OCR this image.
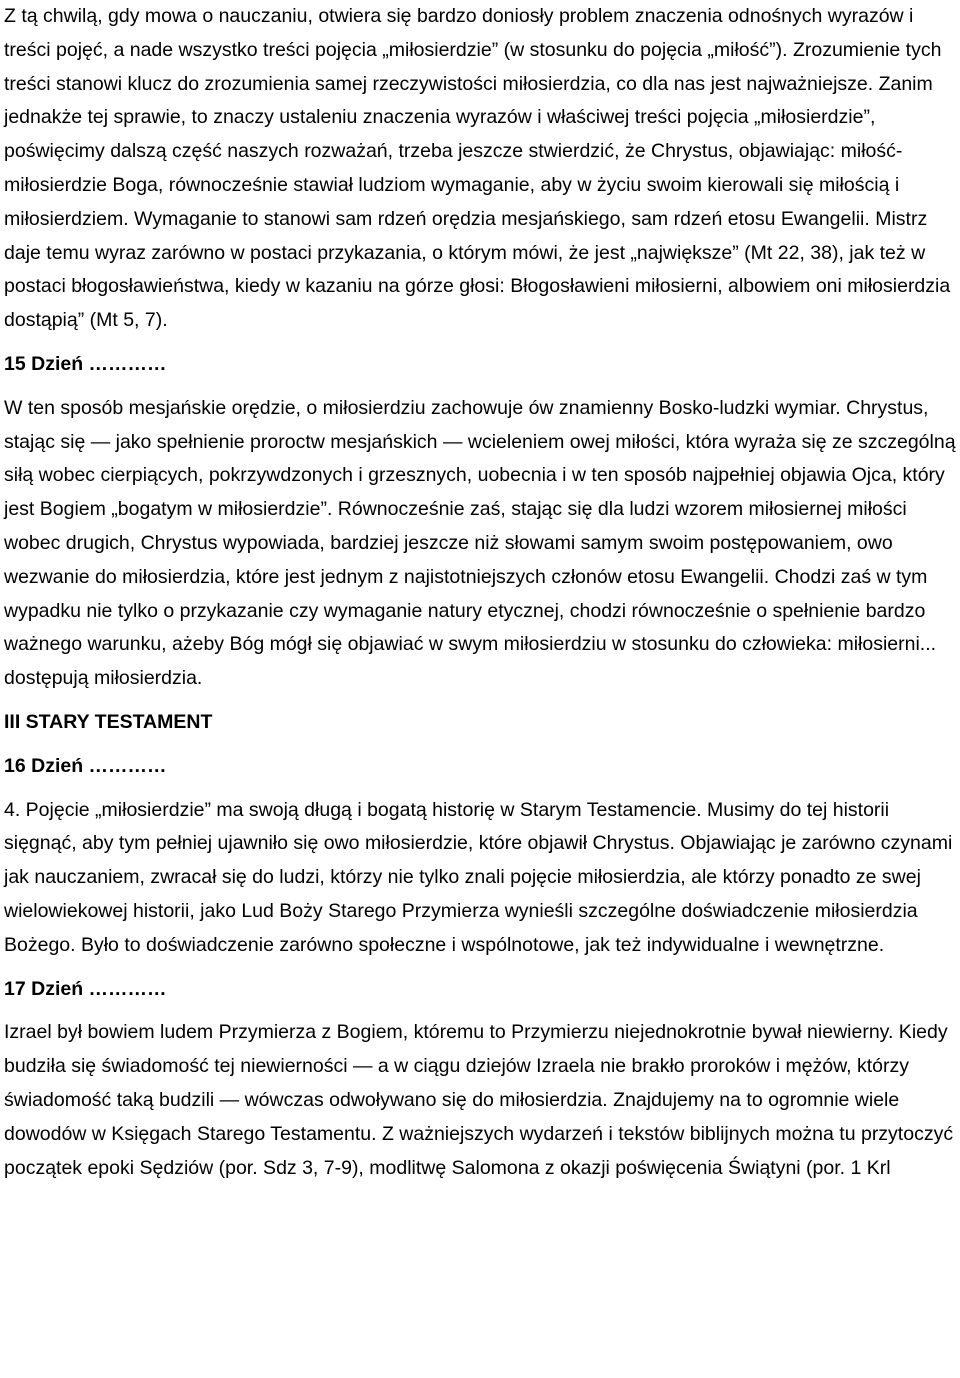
Z tą chwilą, gdy mowa o nauczaniu, otwiera się bardzo doniosły problem znaczenia odnośnych wyrazów i treści pojęć, a nade wszystko treści pojęcia „miłosierdzie” (w stosunku do pojęcia „miłość”). Zrozumienie tych treści stanowi klucz do zrozumienia samej rzeczywistości miłosierdzia, co dla nas jest najważniejsze. Zanim jednakże tej sprawie, to znaczy ustaleniu znaczenia wyrazów i właściwej treści pojęcia „miłosierdzie”, poświęcimy dalszą część naszych rozważań, trzeba jeszcze stwierdzić, że Chrystus, objawiając: miłość-miłosierdzie Boga, równocześnie stawiał ludziom wymaganie, aby w życiu swoim kierowali się miłością i miłosierdziem. Wymaganie to stanowi sam rdzeń orędzia mesjańskiego, sam rdzeń etosu Ewangelii. Mistrz daje temu wyraz zarówno w postaci przykazania, o którym mówi, że jest „największe” (Mt 22, 38), jak też w postaci błogosławieństwa, kiedy w kazaniu na górze głosi: Błogosławieni miłosierni, albowiem oni miłosierdzia dostąpią” (Mt 5, 7).

15 Dzień …………

W ten sposób mesjańskie orędzie, o miłosierdziu zachowuje ów znamienny Bosko-ludzki wymiar. Chrystus, stając się — jako spełnienie proroctw mesjańskich — wcieleniem owej miłości, która wyraża się ze szczególną siłą wobec cierpiących, pokrzywdzonych i grzesznych, uobecnia i w ten sposób najpełniej objawia Ojca, który jest Bogiem „bogatym w miłosierdzie”. Równocześnie zaś, stając się dla ludzi wzorem miłosiernej miłości wobec drugich, Chrystus wypowiada, bardziej jeszcze niż słowami samym swoim postępowaniem, owo wezwanie do miłosierdzia, które jest jednym z najistotniejszych członów etosu Ewangelii. Chodzi zaś w tym wypadku nie tylko o przykazanie czy wymaganie natury etycznej, chodzi równocześnie o spełnienie bardzo ważnego warunku, ażeby Bóg mógł się objawiać w swym miłosierdziu w stosunku do człowieka: miłosierni... dostępują miłosierdzia.

III STARY TESTAMENT
16 Dzień …………

4. Pojęcie „miłosierdzie” ma swoją długą i bogatą historię w Starym Testamencie. Musimy do tej historii sięgnąć, aby tym pełniej ujawniło się owo miłosierdzie, które objawił Chrystus. Objawiając je zarówno czynami jak nauczaniem, zwracał się do ludzi, którzy nie tylko znali pojęcie miłosierdzia, ale którzy ponadto ze swej wielowiekowej historii, jako Lud Boży Starego Przymierza wynieśli szczególne doświadczenie miłosierdzia Bożego. Było to doświadczenie zarówno społeczne i wspólnotowe, jak też indywidualne i wewnętrzne.

17 Dzień …………

Izrael był bowiem ludem Przymierza z Bogiem, któremu to Przymierzu niejednokrotnie bywał niewierny. Kiedy budziła się świadomość tej niewierności — a w ciągu dziejów Izraela nie brakło proroków i mężów, którzy świadomość taką budzili — wówczas odwoływano się do miłosierdzia. Znajdujemy na to ogromnie wiele dowodów w Księgach Starego Testamentu. Z ważniejszych wydarzeń i tekstów biblijnych można tu przytoczyć początek epoki Sędziów (por. Sdz 3, 7-9), modlitwę Salomona z okazji poświęcenia Świątyni (por. 1 Krl
